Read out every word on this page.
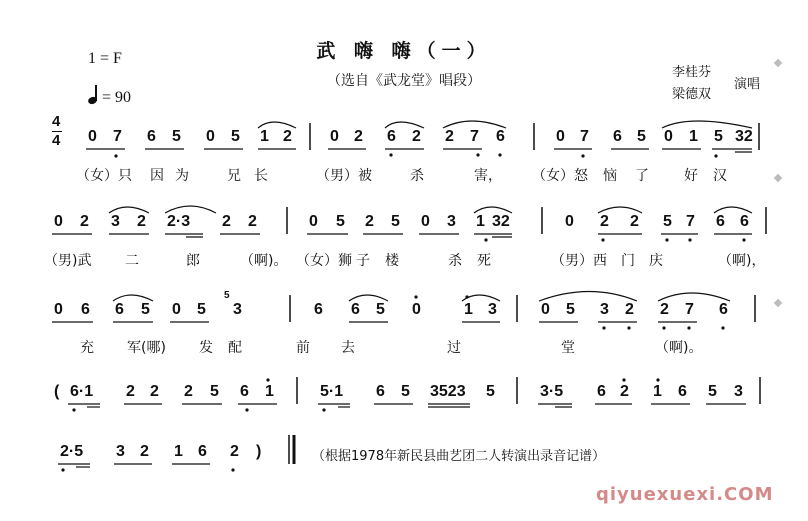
武 嗨 嗨（一）
（选自《武龙堂》唱段）
1 = F
= 90
李桂芬
梁德双
演唱
4
4 0 7 6 5 0 5 1 2 0 2 6 2 2 7 6	0 7 6 5 0 1 5 32
（女）只 因 为	兄 长	（男）被	杀	害， （女）怒 恼 了	好 汉
0 2 3 2 2·3 2 2	0 5 2 5 0 3 1 32	0 2 2 5 7 6 6
（男)武 二	郎	（啊)。 （女）狮 子 楼	杀 死	（男）西 门 庆	（啊)，
0 6 6 5 0 5 3	6 6 5 0	1 3	0 5 3 2 2 7 6
5
充 军(哪) 发 配	前 去	过	堂	（啊)。
( 6·1 2 2 2 5 6 1	5·1 6 5 3523 5	3·5 6 2 1 6 5 3
2·5 3 2 1 6 2 )	（根据1978年新民县曲艺团二人转演出录音记谱）
qiyuexuexi.COM
